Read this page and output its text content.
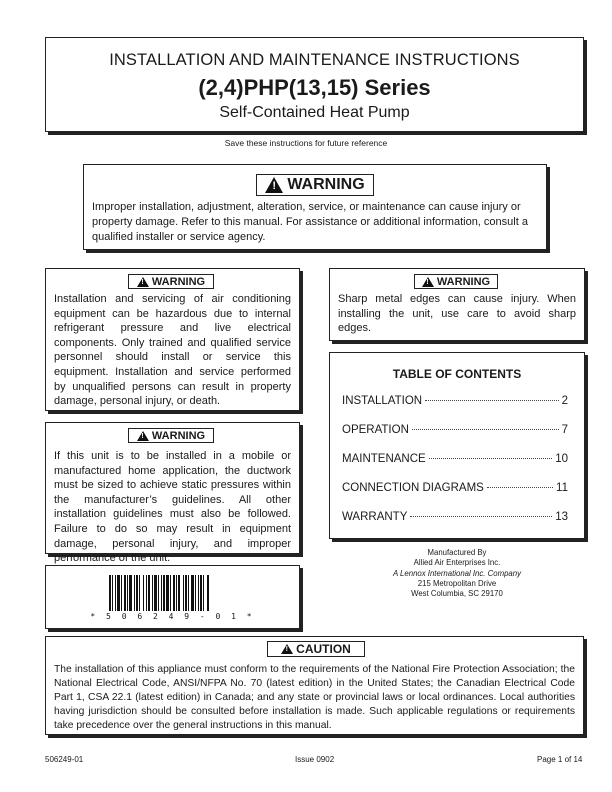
INSTALLATION AND MAINTENANCE INSTRUCTIONS
(2,4)PHP(13,15) Series
Self-Contained Heat Pump
Save these instructions for future reference
!
WARNING
Improper installation, adjustment, alteration, service, or maintenance can cause injury or property damage. Refer to this manual. For assistance or additional information, consult a qualified installer or service agency.
!
WARNING
Installation and servicing of air conditioning equipment can be hazardous due to internal refrigerant pressure and live electrical components. Only trained and qualified service personnel should install or service this equipment. Installation and service performed by unqualified persons can result in property damage, personal injury, or death.
!
WARNING
If this unit is to be installed in a mobile or manufactured home application, the ductwork must be sized to achieve static pressures within the manufacturer’s guidelines. All other installation guidelines must also be followed. Failure to do so may result in equipment damage, personal injury, and improper performance of the unit.
!
WARNING
Sharp metal edges can cause injury. When installing the unit, use care to avoid sharp edges.
TABLE OF CONTENTS
INSTALLATION	2
OPERATION	7
MAINTENANCE	10
CONNECTION DIAGRAMS	11
WARRANTY	13
Manufactured By
Allied Air Enterprises Inc.
A Lennox International Inc. Company
215 Metropolitan Drive
West Columbia, SC 29170
* 5 0 6 2 4 9 - 0 1 *
!
CAUTION
The installation of this appliance must conform to the requirements of the National Fire Protection Association; the National Electrical Code, ANSI/NFPA No. 70 (latest edition) in the United States; the Canadian Electrical Code Part 1, CSA 22.1 (latest edition) in Canada; and any state or provincial laws or local ordinances. Local authorities having jurisdiction should be consulted before installation is made. Such applicable regulations or requirements take precedence over the general instructions in this manual.
506249-01	Issue 0902	Page 1 of 14
